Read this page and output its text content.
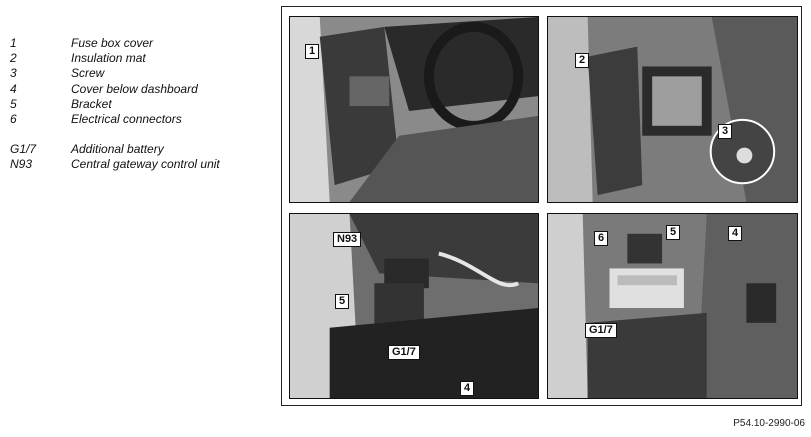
1	Fuse box cover
2	Insulation mat
3	Screw
4	Cover below dashboard
5	Bracket
6	Electrical connectors
G1/7	Additional battery
N93	Central gateway control unit
1
2
3
N93
5
G1/7
4
6	5	4
G1/7
P54.10-2990-06
